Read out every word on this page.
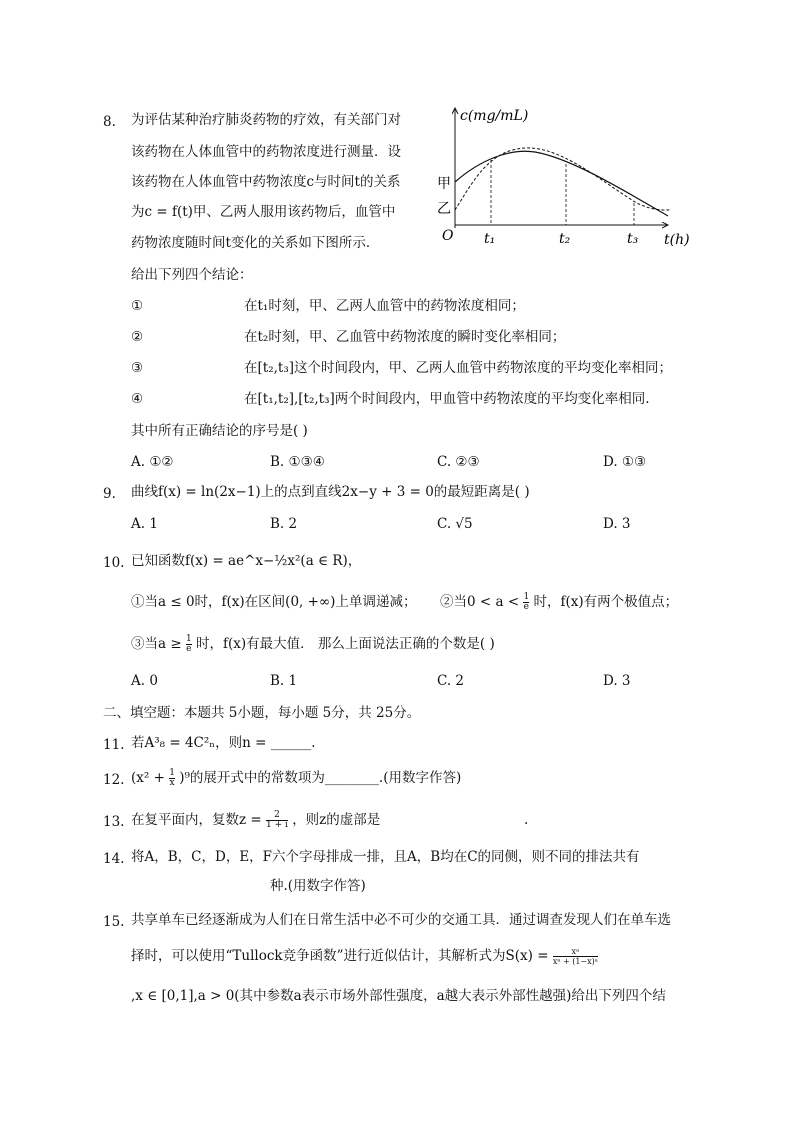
8. 为评估某种治疗肺炎药物的疗效，有关部门对
该药物在人体血管中的药物浓度进行测量．设
该药物在人体血管中药物浓度c与时间t的关系
为c = f(t)甲、乙两人服用该药物后，血管中
药物浓度随时间t变化的关系如下图所示．
给出下列四个结论：
c(mg/mL)
t(h)
O
甲
乙
t₁	t₂	t₃
①	在t₁时刻，甲、乙两人血管中的药物浓度相同；
②	在t₂时刻，甲、乙血管中药物浓度的瞬时变化率相同；
③	在[t₂,t₃]这个时间段内，甲、乙两人血管中药物浓度的平均变化率相同；
④	在[t₁,t₂],[t₂,t₃]两个时间段内，甲血管中药物浓度的平均变化率相同.
其中所有正确结论的序号是( )
A. ①②	B. ①③④	C. ②③	D. ①③
9. 曲线f(x) = ln(2x−1)上的点到直线2x−y + 3 = 0的最短距离是( )
A. 1	B. 2	C. √5	D. 3
10. 已知函数f(x) = ae^x−½x²(a ∈ R)，
①当a ≤ 0时，f(x)在区间(0, +∞)上单调递减； ②当$0 < a < \frac{1}{e}$ 时，f(x)有两个极值点；
③当$a \ge \frac{1}{e}$ 时，f(x)有最大值． 那么上面说法正确的个数是( )
A. 0	B. 1	C. 2	D. 3
二、填空题：本题共 5小题，每小题 5分，共 25分。
11. 若A³₈ = 4C²ₙ，则n = ______.
12. $(x^2 + \frac{1}{x} )^9$的展开式中的常数项为________.(用数字作答)
13. 在复平面内，复数$z = \frac{2}{1 + i}$ ，则z的虚部是	.
14. 将A，B，C，D，E，F六个字母排成一排，且A，B均在C的同侧，则不同的排法共有
种.(用数字作答)
15. 共享单车已经逐渐成为人们在日常生活中必不可少的交通工具．通过调查发现人们在单车选
择时，可以使用“Tullock竞争函数”进行近似估计，其解析式为$S(x) = \frac{\text{xᵃ}}{\text{xᵃ + (1−x)ᵃ}}$
,x ∈ [0,1],a > 0(其中参数a表示市场外部性强度，a越大表示外部性越强)给出下列四个结
